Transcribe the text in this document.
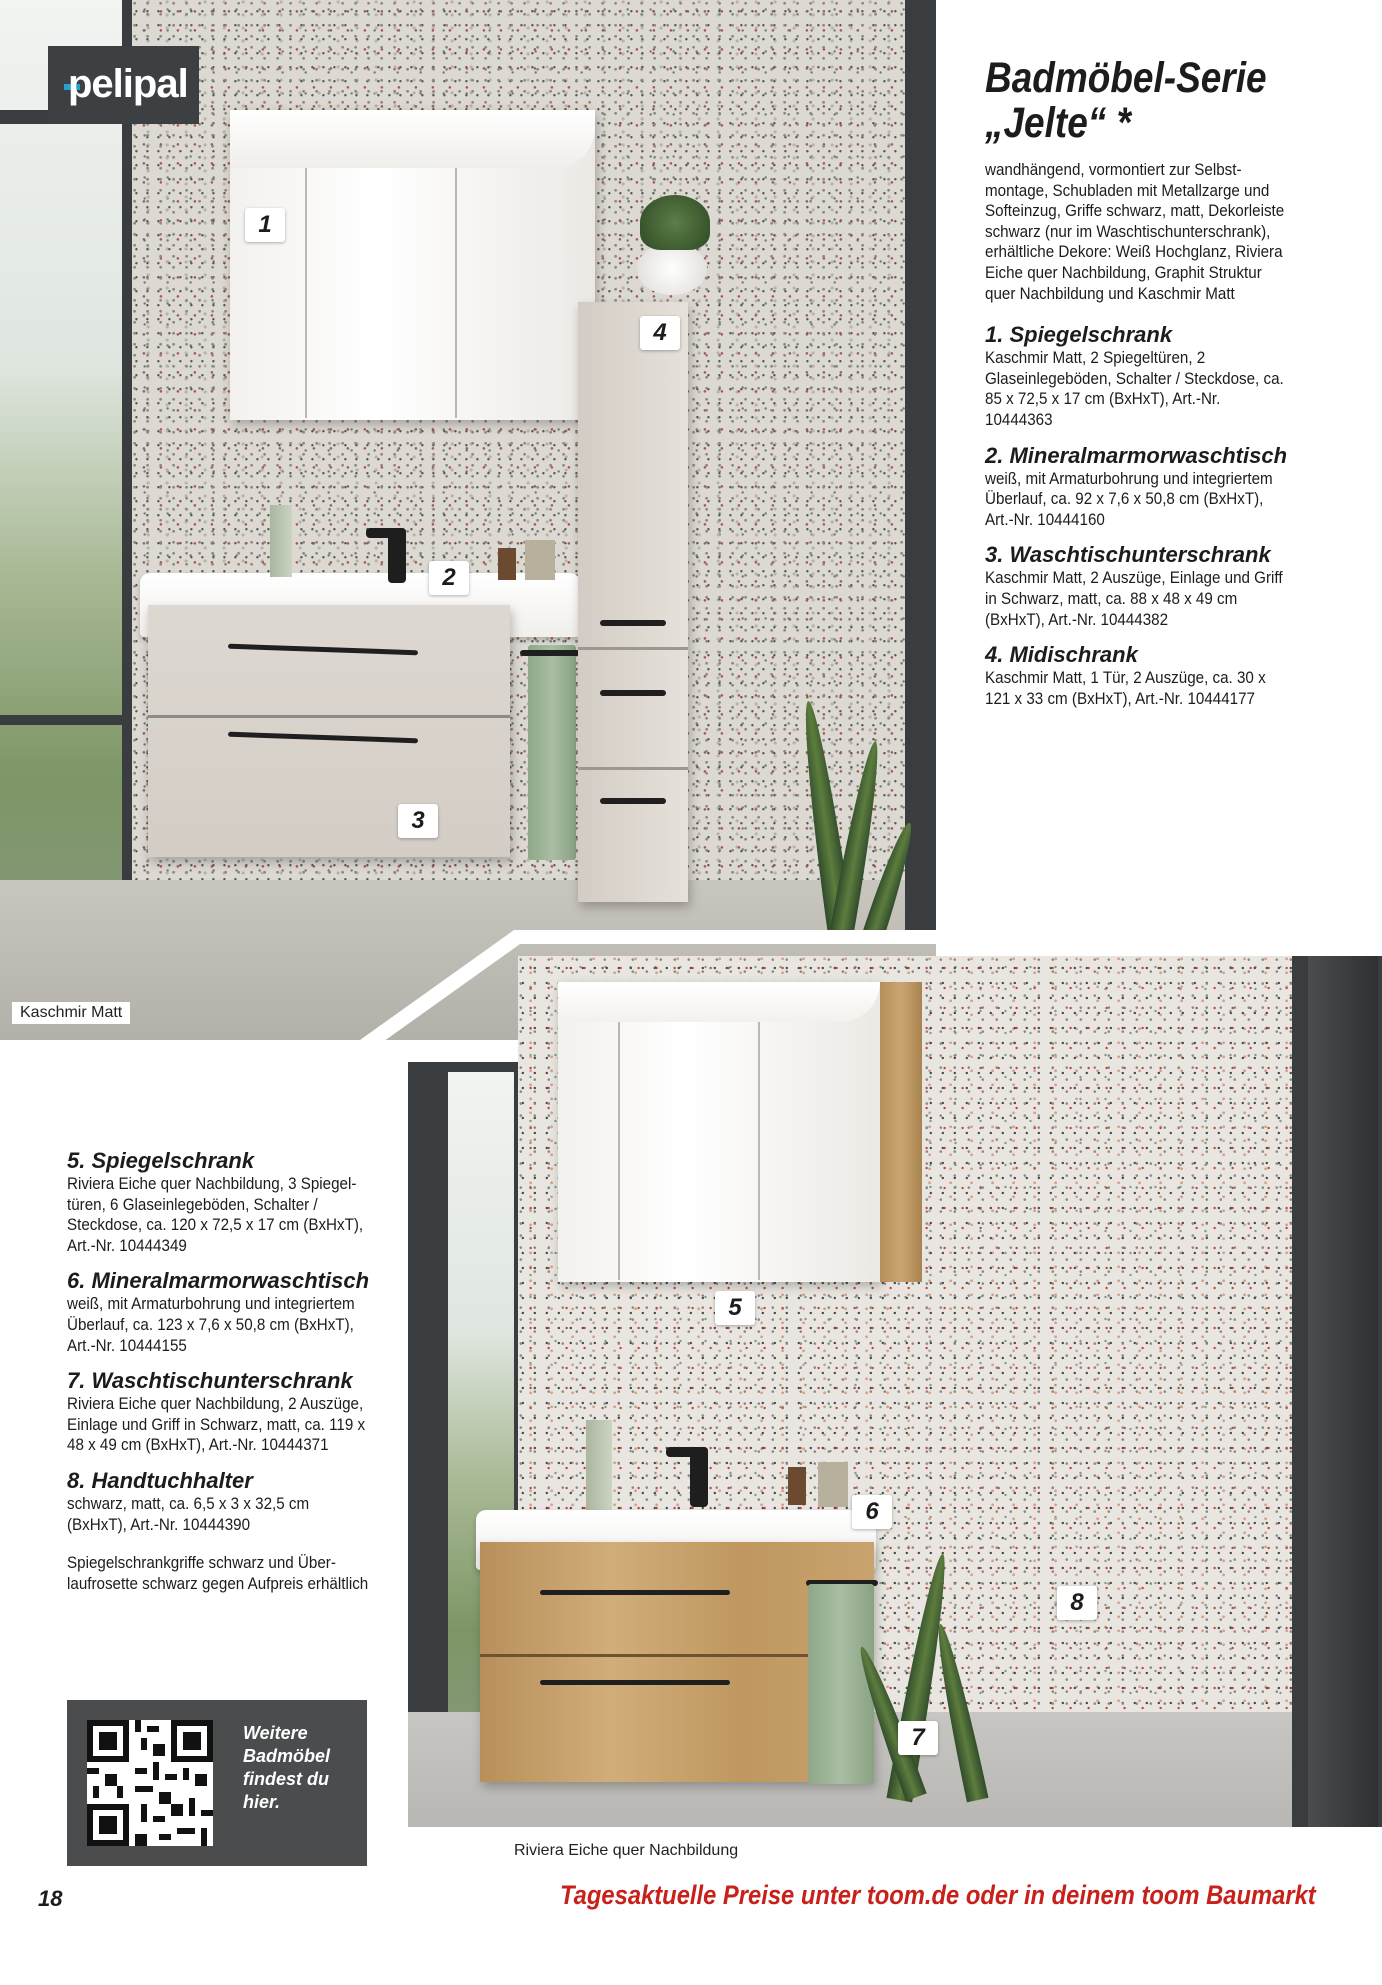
1
2
3
4
Kaschmir Matt
pelipal	Badmöbel-Serie
„Jelte“ *

wandhängend, vormontiert zur Selbstmontage, Schubladen mit Metallzarge und Softeinzug, Griffe schwarz, matt, Dekorleiste schwarz (nur im Waschtischunterschrank), erhältliche Dekore: Weiß Hochglanz, Riviera Eiche quer Nachbildung, Graphit Struktur quer Nachbildung und Kaschmir Matt

1. Spiegelschrank

Kaschmir Matt, 2 Spiegeltüren, 2 Glaseinlegeböden, Schalter / Steckdose, ca. 85 x 72,5 x 17 cm (BxHxT), Art.-Nr. 10444363

2. Mineralmarmorwaschtisch

weiß, mit Armaturbohrung und integriertem Überlauf, ca. 92 x 7,6 x 50,8 cm (BxHxT), Art.-Nr. 10444160

3. Waschtischunterschrank

Kaschmir Matt, 2 Auszüge, Einlage und Griff in Schwarz, matt, ca. 88 x 48 x 49 cm (BxHxT), Art.-Nr. 10444382

4. Midischrank

Kaschmir Matt, 1 Tür, 2 Auszüge, ca. 30 x 121 x 33 cm (BxHxT), Art.-Nr. 10444177

5
6
7
8
Riviera Eiche quer Nachbildung

5. Spiegelschrank

Riviera Eiche quer Nachbildung, 3 Spiegeltüren, 6 Glaseinlegeböden, Schalter / Steckdose, ca. 120 x 72,5 x 17 cm (BxHxT), Art.-Nr. 10444349

6. Mineralmarmorwaschtisch

weiß, mit Armaturbohrung und integriertem Überlauf, ca. 123 x 7,6 x 50,8 cm (BxHxT), Art.-Nr. 10444155

7. Waschtischunterschrank

Riviera Eiche quer Nachbildung, 2 Auszüge, Einlage und Griff in Schwarz, matt, ca. 119 x 48 x 49 cm (BxHxT), Art.-Nr. 10444371

8. Handtuchhalter

schwarz, matt, ca. 6,5 x 3 x 32,5 cm (BxHxT), Art.-Nr. 10444390

Spiegelschrankgriffe schwarz und Überlaufrosette schwarz gegen Aufpreis erhältlich

Weitere
Badmöbel
findest du
hier.
18	Tagesaktuelle Preise unter toom.de oder in deinem toom Baumarkt
